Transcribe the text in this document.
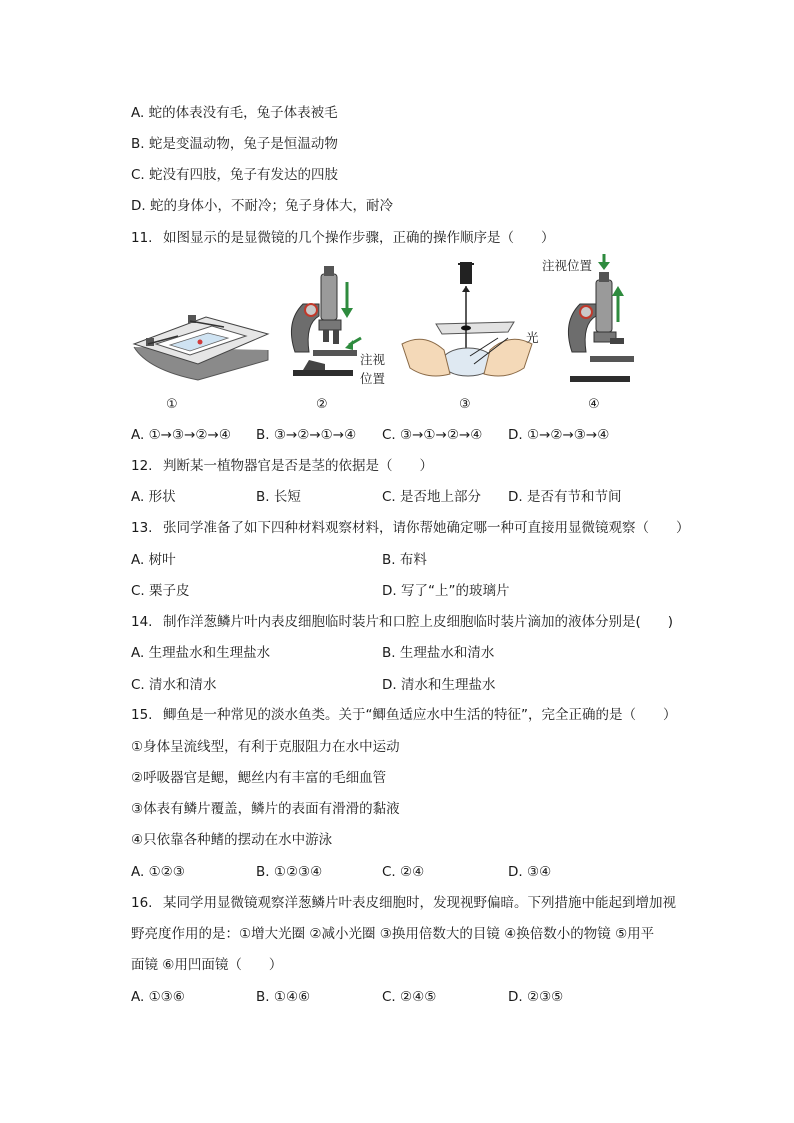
A. 蛇的体表没有毛，兔子体表被毛
B. 蛇是变温动物，兔子是恒温动物
C. 蛇没有四肢，兔子有发达的四肢
D. 蛇的身体小，不耐冷；兔子身体大，耐冷
11. 如图显示的是显微镜的几个操作步骤，正确的操作顺序是（　　）
注视
位置
光
注视位置
①	②	③	④
A. ①→③→②→④ B. ③→②→①→④ C. ③→①→②→④ D. ①→②→③→④
12. 判断某一植物器官是否是茎的依据是（　　）
A. 形状	B. 长短	C. 是否地上部分 D. 是否有节和节间
13. 张同学准备了如下四种材料观察材料，请你帮她确定哪一种可直接用显微镜观察（　　）
A. 树叶	B. 布料
C. 栗子皮	D. 写了“上”的玻璃片
14. 制作洋葱鳞片叶内表皮细胞临时装片和口腔上皮细胞临时装片滴加的液体分别是(　　)
A. 生理盐水和生理盐水	B. 生理盐水和清水
C. 清水和清水	D. 清水和生理盐水
15. 鲫鱼是一种常见的淡水鱼类。关于“鲫鱼适应水中生活的特征”，完全正确的是（　　）
①身体呈流线型，有利于克服阻力在水中运动
②呼吸器官是鳃，鳃丝内有丰富的毛细血管
③体表有鳞片覆盖，鳞片的表面有滑滑的黏液
④只依靠各种鳍的摆动在水中游泳
A. ①②③	B. ①②③④	C. ②④	D. ③④
16. 某同学用显微镜观察洋葱鳞片叶表皮细胞时，发现视野偏暗。下列措施中能起到增加视
野亮度作用的是：①增大光圈 ②减小光圈 ③换用倍数大的目镜 ④换倍数小的物镜 ⑤用平
面镜 ⑥用凹面镜（　　）
A. ①③⑥	B. ①④⑥	C. ②④⑤	D. ②③⑤
